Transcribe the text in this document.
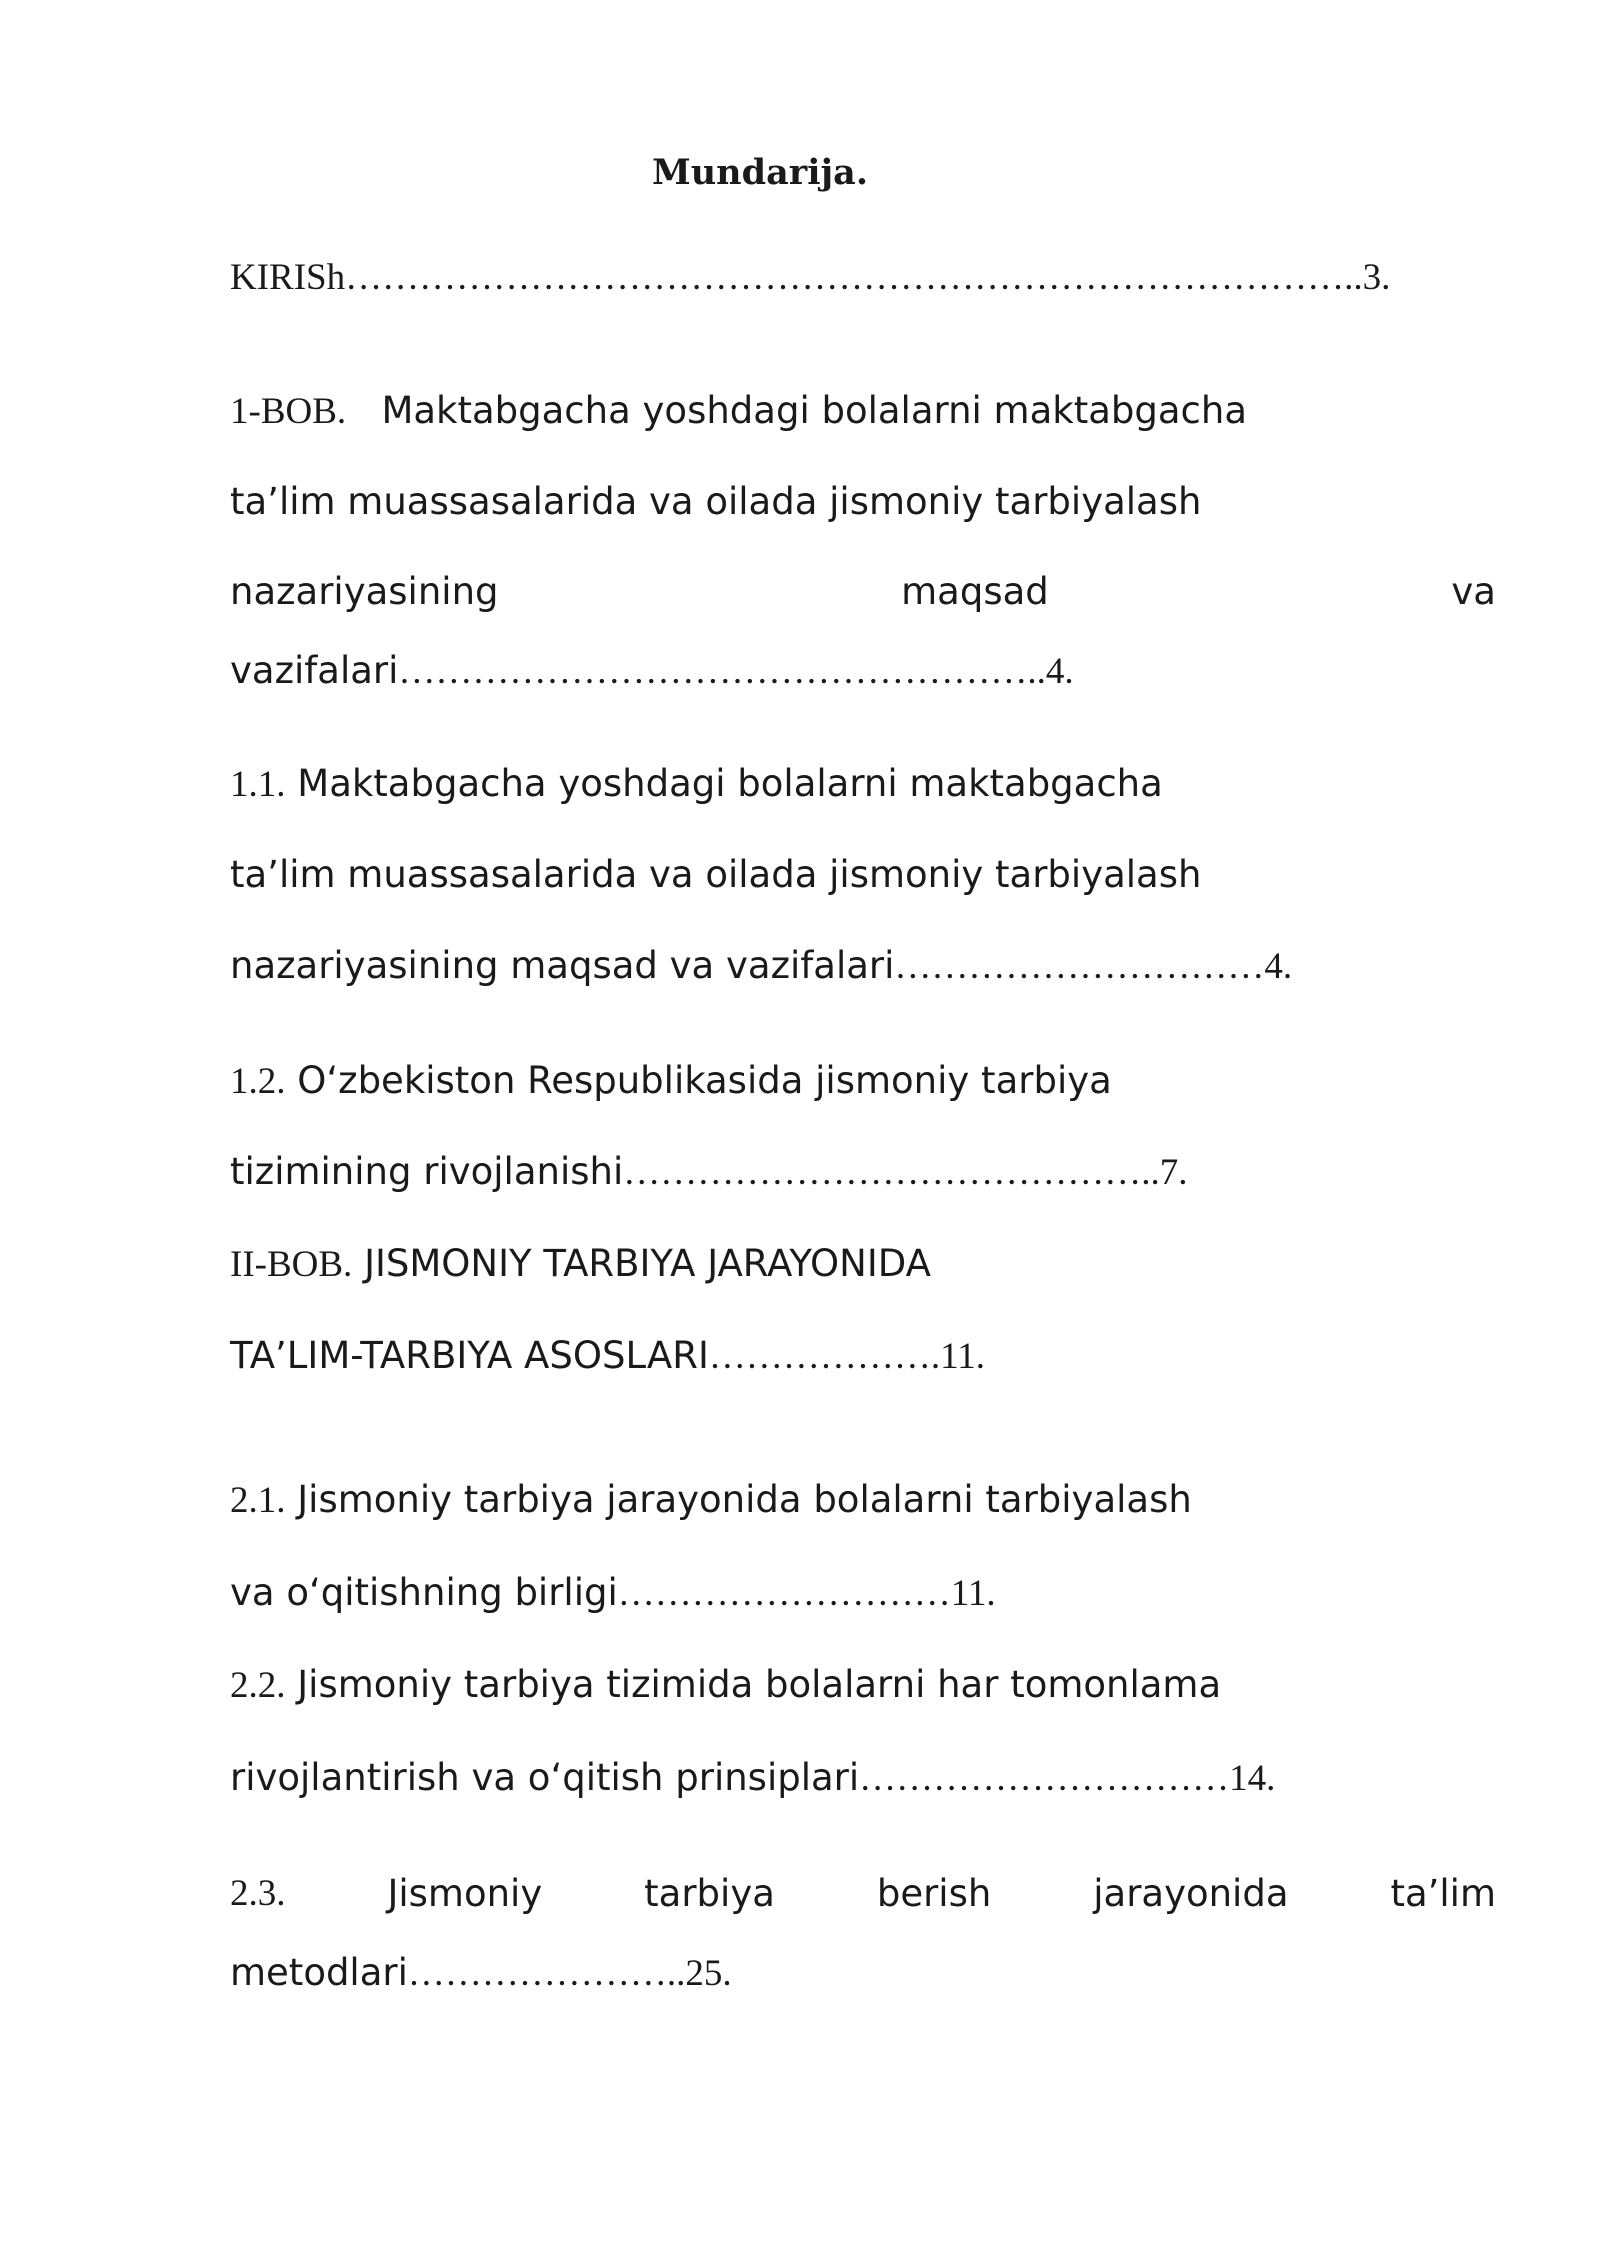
Mundarija.
KIRISh………………………………………………………………………..3.
1-BOB. Maktabgacha yoshdagi bolalarni maktabgacha
ta’lim muassasalarida va oilada jismoniy tarbiyalash
nazariyasining	maqsad	va
vazifalari……………………………………………..4.
1.1. Maktabgacha yoshdagi bolalarni maktabgacha
ta’lim muassasalarida va oilada jismoniy tarbiyalash
nazariyasining maqsad va vazifalari…………………………4.
1.2. O‘zbekiston Respublikasida jismoniy tarbiya
tizimining rivojlanishi……………………………………..7.
II-BOB. JISMONIY TARBIYA JARAYONIDA
TA’LIM-TARBIYA ASOSLARI……………….11.
2.1. Jismoniy tarbiya jarayonida bolalarni tarbiyalash
va o‘qitishning birligi………………………11.
2.2. Jismoniy tarbiya tizimida bolalarni har tomonlama
rivojlantirish va o‘qitish prinsiplari…………………………14.
2.3.	Jismoniy	tarbiya	berish	jarayonida	ta’lim
metodlari…………………..25.
